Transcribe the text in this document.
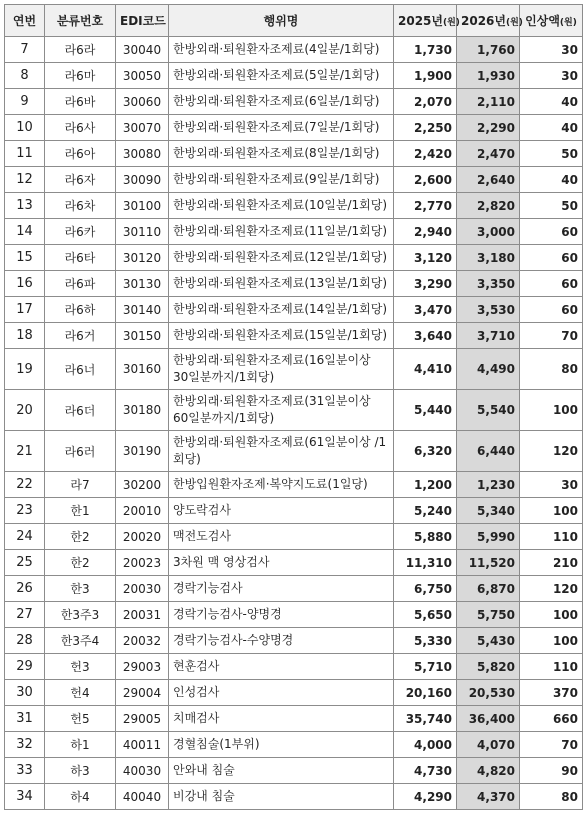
연번	분류번호	EDI코드	행위명	2025년(원)	2026년(원)	인상액(원)
7	라6라	30040	한방외래·퇴원환자조제료(4일분/1회당)	1,730	1,760	30
8	라6마	30050	한방외래·퇴원환자조제료(5일분/1회당)	1,900	1,930	30
9	라6바	30060	한방외래·퇴원환자조제료(6일분/1회당)	2,070	2,110	40
10	라6사	30070	한방외래·퇴원환자조제료(7일분/1회당)	2,250	2,290	40
11	라6아	30080	한방외래·퇴원환자조제료(8일분/1회당)	2,420	2,470	50
12	라6자	30090	한방외래·퇴원환자조제료(9일분/1회당)	2,600	2,640	40
13	라6차	30100	한방외래·퇴원환자조제료(10일분/1회당)	2,770	2,820	50
14	라6카	30110	한방외래·퇴원환자조제료(11일분/1회당)	2,940	3,000	60
15	라6타	30120	한방외래·퇴원환자조제료(12일분/1회당)	3,120	3,180	60
16	라6파	30130	한방외래·퇴원환자조제료(13일분/1회당)	3,290	3,350	60
17	라6하	30140	한방외래·퇴원환자조제료(14일분/1회당)	3,470	3,530	60
18	라6거	30150	한방외래·퇴원환자조제료(15일분/1회당)	3,640	3,710	70
19	라6너	30160	한방외래·퇴원환자조제료(16일분이상 30일분까지/1회당)	4,410	4,490	80
20	라6더	30180	한방외래·퇴원환자조제료(31일분이상 60일분까지/1회당)	5,440	5,540	100
21	라6러	30190	한방외래·퇴원환자조제료(61일분이상 /1회당)	6,320	6,440	120
22	라7	30200	한방입원환자조제·복약지도료(1일당)	1,200	1,230	30
23	한1	20010	양도락검사	5,240	5,340	100
24	한2	20020	맥전도검사	5,880	5,990	110
25	한2	20023	3차원 맥 영상검사	11,310	11,520	210
26	한3	20030	경락기능검사	6,750	6,870	120
27	한3주3	20031	경락기능검사-양명경	5,650	5,750	100
28	한3주4	20032	경락기능검사-수양명경	5,330	5,430	100
29	헌3	29003	현훈검사	5,710	5,820	110
30	헌4	29004	인성검사	20,160	20,530	370
31	헌5	29005	치매검사	35,740	36,400	660
32	하1	40011	경혈침술(1부위)	4,000	4,070	70
33	하3	40030	안와내 침술	4,730	4,820	90
34	하4	40040	비강내 침술	4,290	4,370	80
